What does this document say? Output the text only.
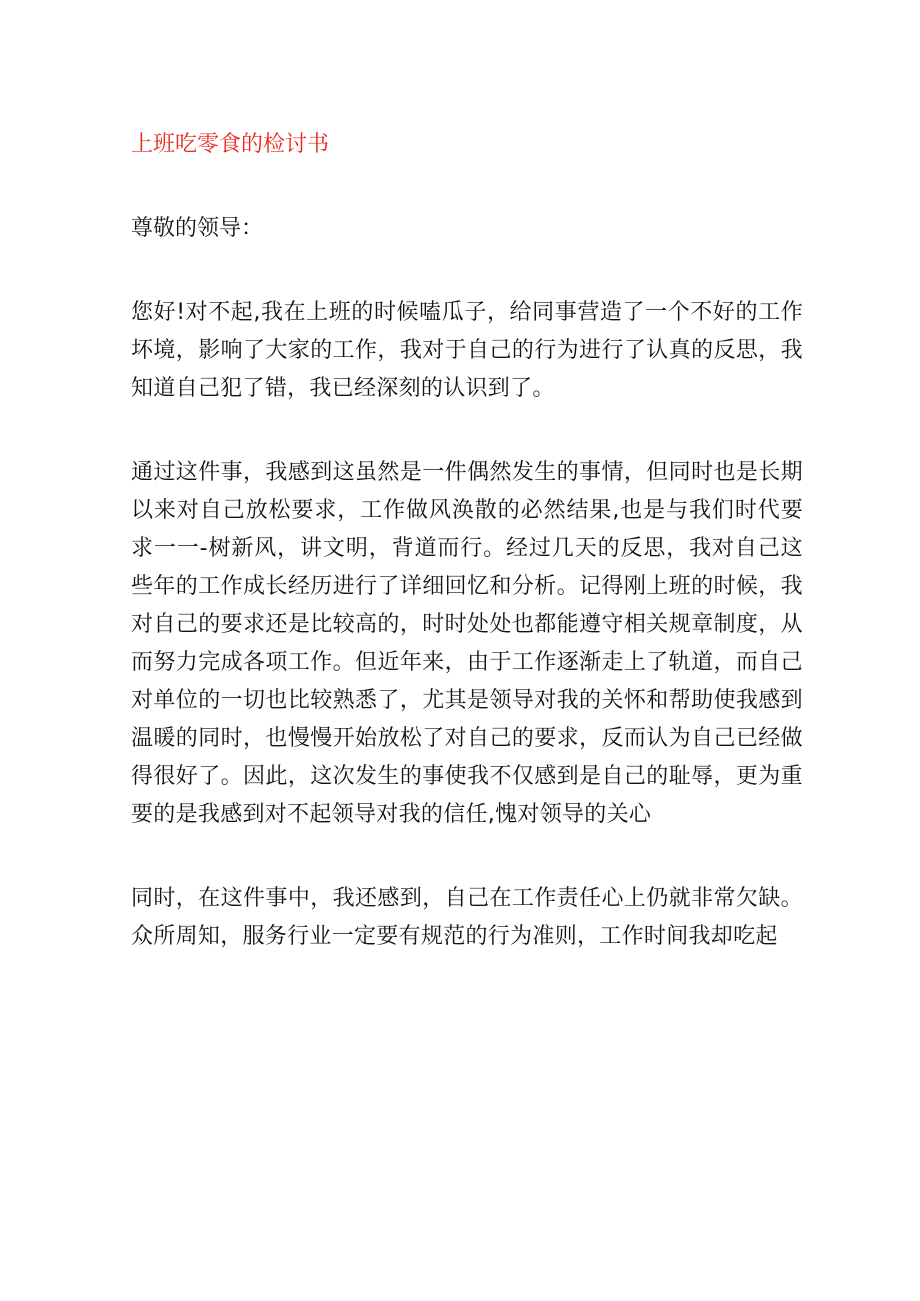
上班吃零食的检讨书

尊敬的领导：

您好!对不起,我在上班的时候嗑瓜子，给同事营造了一个不好的工作坏境，影响了大家的工作，我对于自己的行为进行了认真的反思，我知道自己犯了错，我已经深刻的认识到了。

通过这件事，我感到这虽然是一件偶然发生的事情，但同时也是长期以来对自己放松要求，工作做风涣散的必然结果,也是与我们时代要求一一-树新风，讲文明，背道而行。经过几天的反思，我对自己这些年的工作成长经历进行了详细回忆和分析。记得刚上班的时候，我对自己的要求还是比较高的，时时处处也都能遵守相关规章制度，从而努力完成各项工作。但近年来，由于工作逐渐走上了轨道，而自己对单位的一切也比较熟悉了，尤其是领导对我的关怀和帮助使我感到温暖的同时，也慢慢开始放松了对自己的要求，反而认为自己已经做得很好了。因此，这次发生的事使我不仅感到是自己的耻辱，更为重要的是我感到对不起领导对我的信任,愧对领导的关心

同时，在这件事中，我还感到，自己在工作责任心上仍就非常欠缺。众所周知，服务行业一定要有规范的行为准则，工作时间我却吃起
